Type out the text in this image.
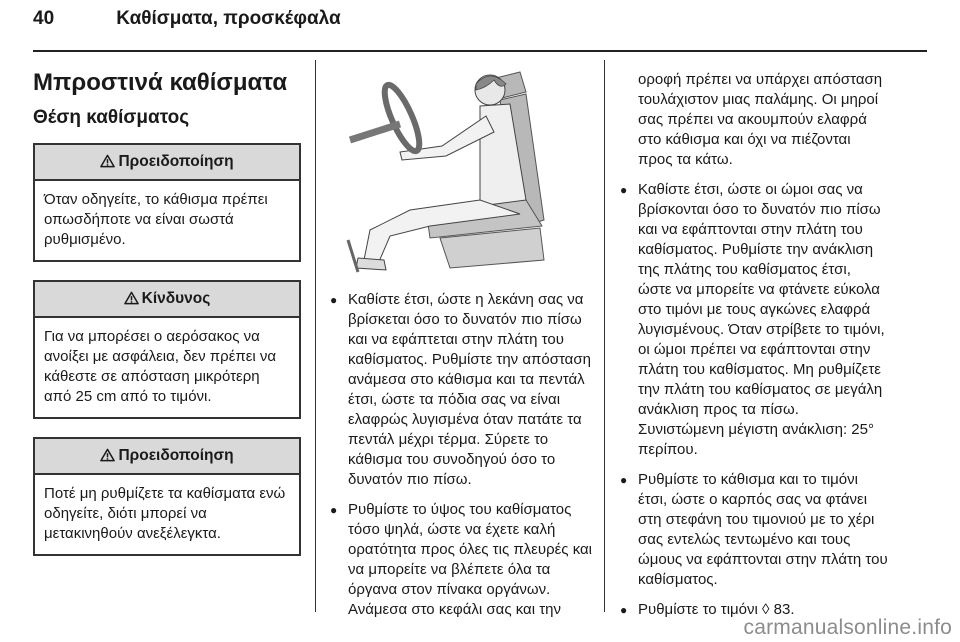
40	Καθίσματα, προσκέφαλα
Μπροστινά καθίσματα
Θέση καθίσματος
Προειδοποίηση
Όταν οδηγείτε, το κάθισμα πρέπει οπωσδήποτε να είναι σωστά ρυθμισμένο.
Κίνδυνος
Για να μπορέσει ο αερόσακος να ανοίξει με ασφάλεια, δεν πρέπει να κάθεστε σε απόσταση μικρότερη από 25 cm από το τιμόνι.
Προειδοποίηση
Ποτέ μη ρυθμίζετε τα καθίσματα ενώ οδηγείτε, διότι μπορεί να μετακινηθούν ανεξέλεγκτα.
● Καθίστε έτσι, ώστε η λεκάνη σας να βρίσκεται όσο το δυνατόν πιο πίσω και να εφάπτεται στην πλάτη του καθίσματος. Ρυθμίστε την απόσταση ανάμεσα στο κάθισμα και τα πεντάλ έτσι, ώστε τα πόδια σας να είναι ελαφρώς λυγισμένα όταν πατάτε τα πεντάλ μέχρι τέρμα. Σύρετε το κάθισμα του συνοδηγού όσο το δυνατόν πιο πίσω.
● Ρυθμίστε το ύψος του καθίσματος τόσο ψηλά, ώστε να έχετε καλή ορατότητα προς όλες τις πλευρές και να μπορείτε να βλέπετε όλα τα όργανα στον πίνακα οργάνων. Ανάμεσα στο κεφάλι σας και την
οροφή πρέπει να υπάρχει απόσταση τουλάχιστον μιας παλάμης. Οι μηροί σας πρέπει να ακουμπούν ελαφρά στο κάθισμα και όχι να πιέζονται προς τα κάτω.
● Καθίστε έτσι, ώστε οι ώμοι σας να βρίσκονται όσο το δυνατόν πιο πίσω και να εφάπτονται στην πλάτη του καθίσματος. Ρυθμίστε την ανάκλιση της πλάτης του καθίσματος έτσι, ώστε να μπορείτε να φτάνετε εύκολα στο τιμόνι με τους αγκώνες ελαφρά λυγισμένους. Όταν στρίβετε το τιμόνι, οι ώμοι πρέπει να εφάπτονται στην πλάτη του καθίσματος. Μη ρυθμίζετε την πλάτη του καθίσματος σε μεγάλη ανάκλιση προς τα πίσω. Συνιστώμενη μέγιστη ανάκλιση: 25° περίπου.
● Ρυθμίστε το κάθισμα και το τιμόνι έτσι, ώστε ο καρπός σας να φτάνει στη στεφάνη του τιμονιού με το χέρι σας εντελώς τεντωμένο και τους ώμους να εφάπτονται στην πλάτη του καθίσματος.
● Ρυθμίστε το τιμόνι ◊ 83.
carmanualsonline.info
